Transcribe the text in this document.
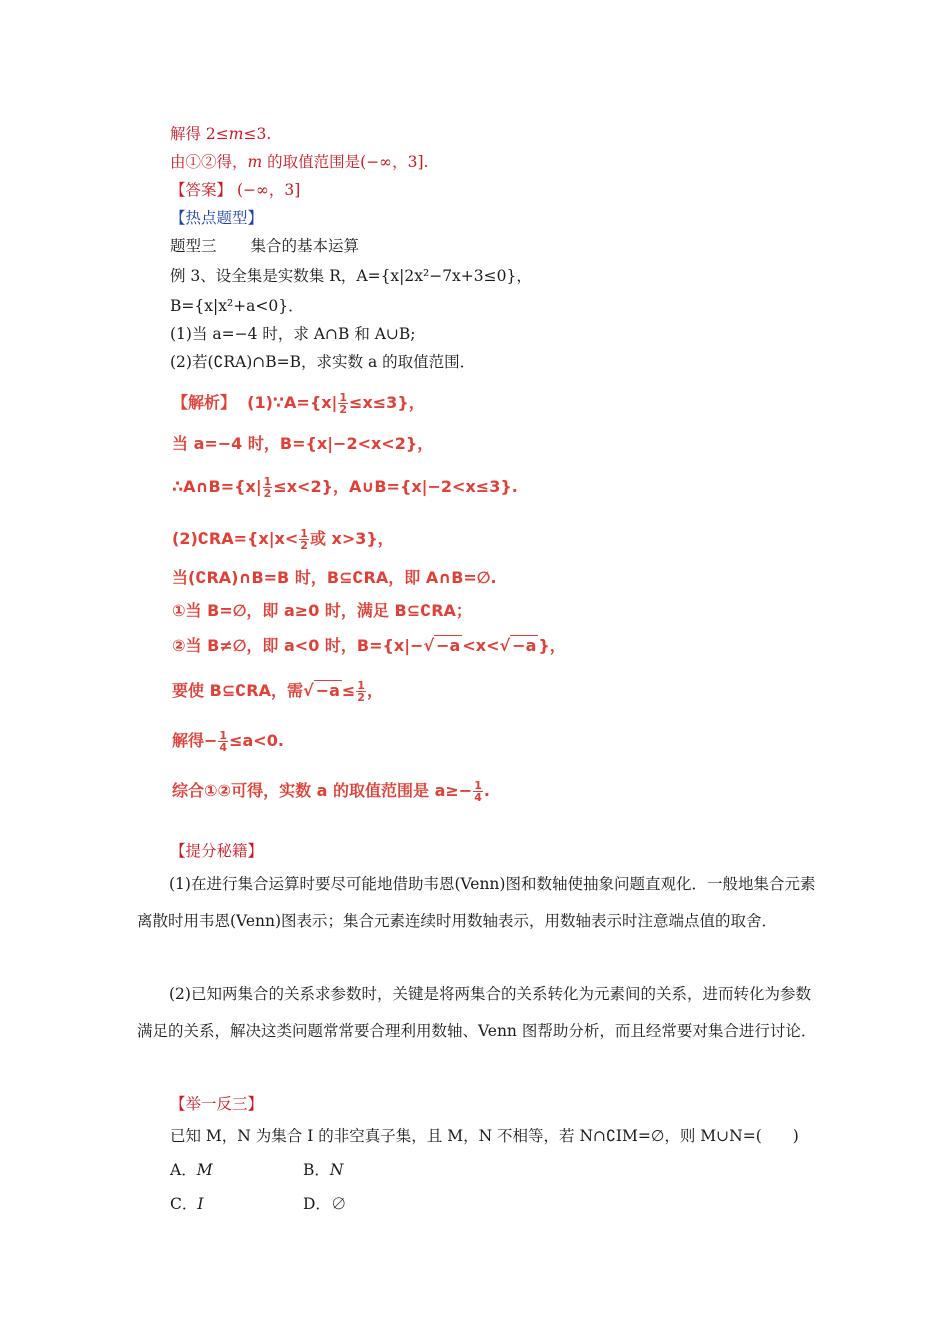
解得 2≤m≤3.
由①②得，m 的取值范围是(−∞，3].
【答案】 (−∞，3]
【热点题型】
题型三 集合的基本运算
例 3、设全集是实数集 R，A={x|2x²−7x+3≤0}，
B={x|x²+a<0}．
(1)当 a=−4 时，求 A∩B 和 A∪B;
(2)若(∁RA)∩B=B，求实数 a 的取值范围．
【解析】 (1)∵A={x| $\frac{1}{2} \le x\le 3$}，
当 a=−4 时，B={x|−2<x<2}，
∴A∩B={x| $\frac{1}{2} \le x<2$}，A∪B={x|−2<x≤3}.
(2)∁RA={x|x< $\frac{1}{2}$ 或 x>3}，
当(∁RA)∩B=B 时，B⊆∁RA，即 A∩B=∅.
①当 B=∅，即 a≥0 时，满足 B⊆∁RA；
②当 B≠∅，即 a<0 时，B={x|−√ −a <x<√ −a }，
要使 B⊆∁RA，需√ $-a \le \frac{1}{2}$ ，
解得− $\frac{1}{4} \le a<0$.
综合①②可得，实数 a 的取值范围是 $a\ge- \frac{1}{4}$ .
【提分秘籍】
(1)在进行集合运算时要尽可能地借助韦恩(Venn)图和数轴使抽象问题直观化．一般地集合元素离散时用韦恩(Venn)图表示；集合元素连续时用数轴表示，用数轴表示时注意端点值的取舍．
(2)已知两集合的关系求参数时，关键是将两集合的关系转化为元素间的关系，进而转化为参数满足的关系，解决这类问题常常要合理利用数轴、Venn 图帮助分析，而且经常要对集合进行讨论．
【举一反三】
已知 M，N 为集合 I 的非空真子集，且 M，N 不相等，若 N∩∁IM=∅，则 M∪N=(　　)
A．M	B．N
C．I	D．∅
